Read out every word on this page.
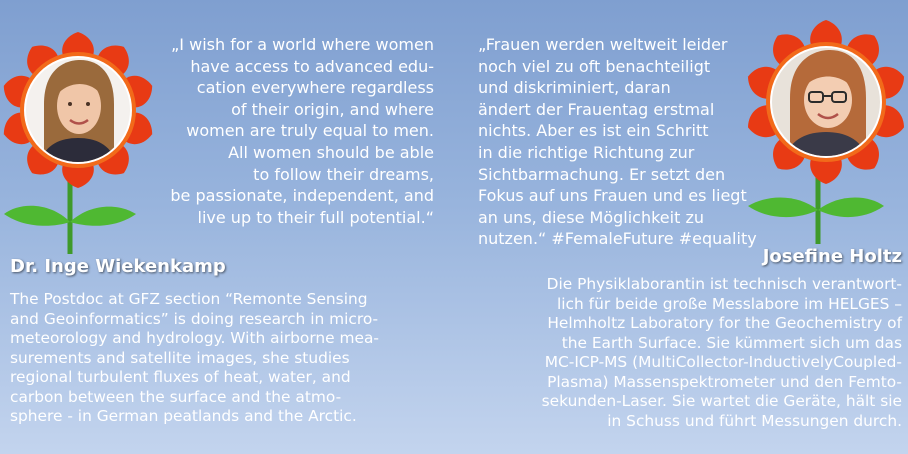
„I wish for a world where women
have access to advanced edu-
cation everywhere regardless
of their origin, and where
women are truly equal to men.
All women should be able
to follow their dreams,
be passionate, independent, and
live up to their full potential.“
„Frauen werden weltweit leider
noch viel zu oft benachteiligt
und diskriminiert, daran
ändert der Frauentag erstmal
nichts. Aber es ist ein Schritt
in die richtige Richtung zur
Sichtbarmachung. Er setzt den
Fokus auf uns Frauen und es liegt
an uns, diese Möglichkeit zu
nutzen.“ #FemaleFuture #equality
Dr. Inge Wiekenkamp	Josefine Holtz
The Postdoc at GFZ section “Remonte Sensing
and Geoinformatics” is doing research in micro-
meteorology and hydrology. With airborne mea-
surements and satellite images, she studies
regional turbulent fluxes of heat, water, and
carbon between the surface and the atmo-
sphere - in German peatlands and the Arctic.
Die Physiklaborantin ist technisch verantwort-
lich für beide große Messlabore im HELGES –
Helmholtz Laboratory for the Geochemistry of
the Earth Surface. Sie kümmert sich um das
MC-ICP-MS (MultiCollector-InductivelyCoupled-
Plasma) Massenspektrometer und den Femto-
sekunden-Laser. Sie wartet die Geräte, hält sie
in Schuss und führt Messungen durch.
